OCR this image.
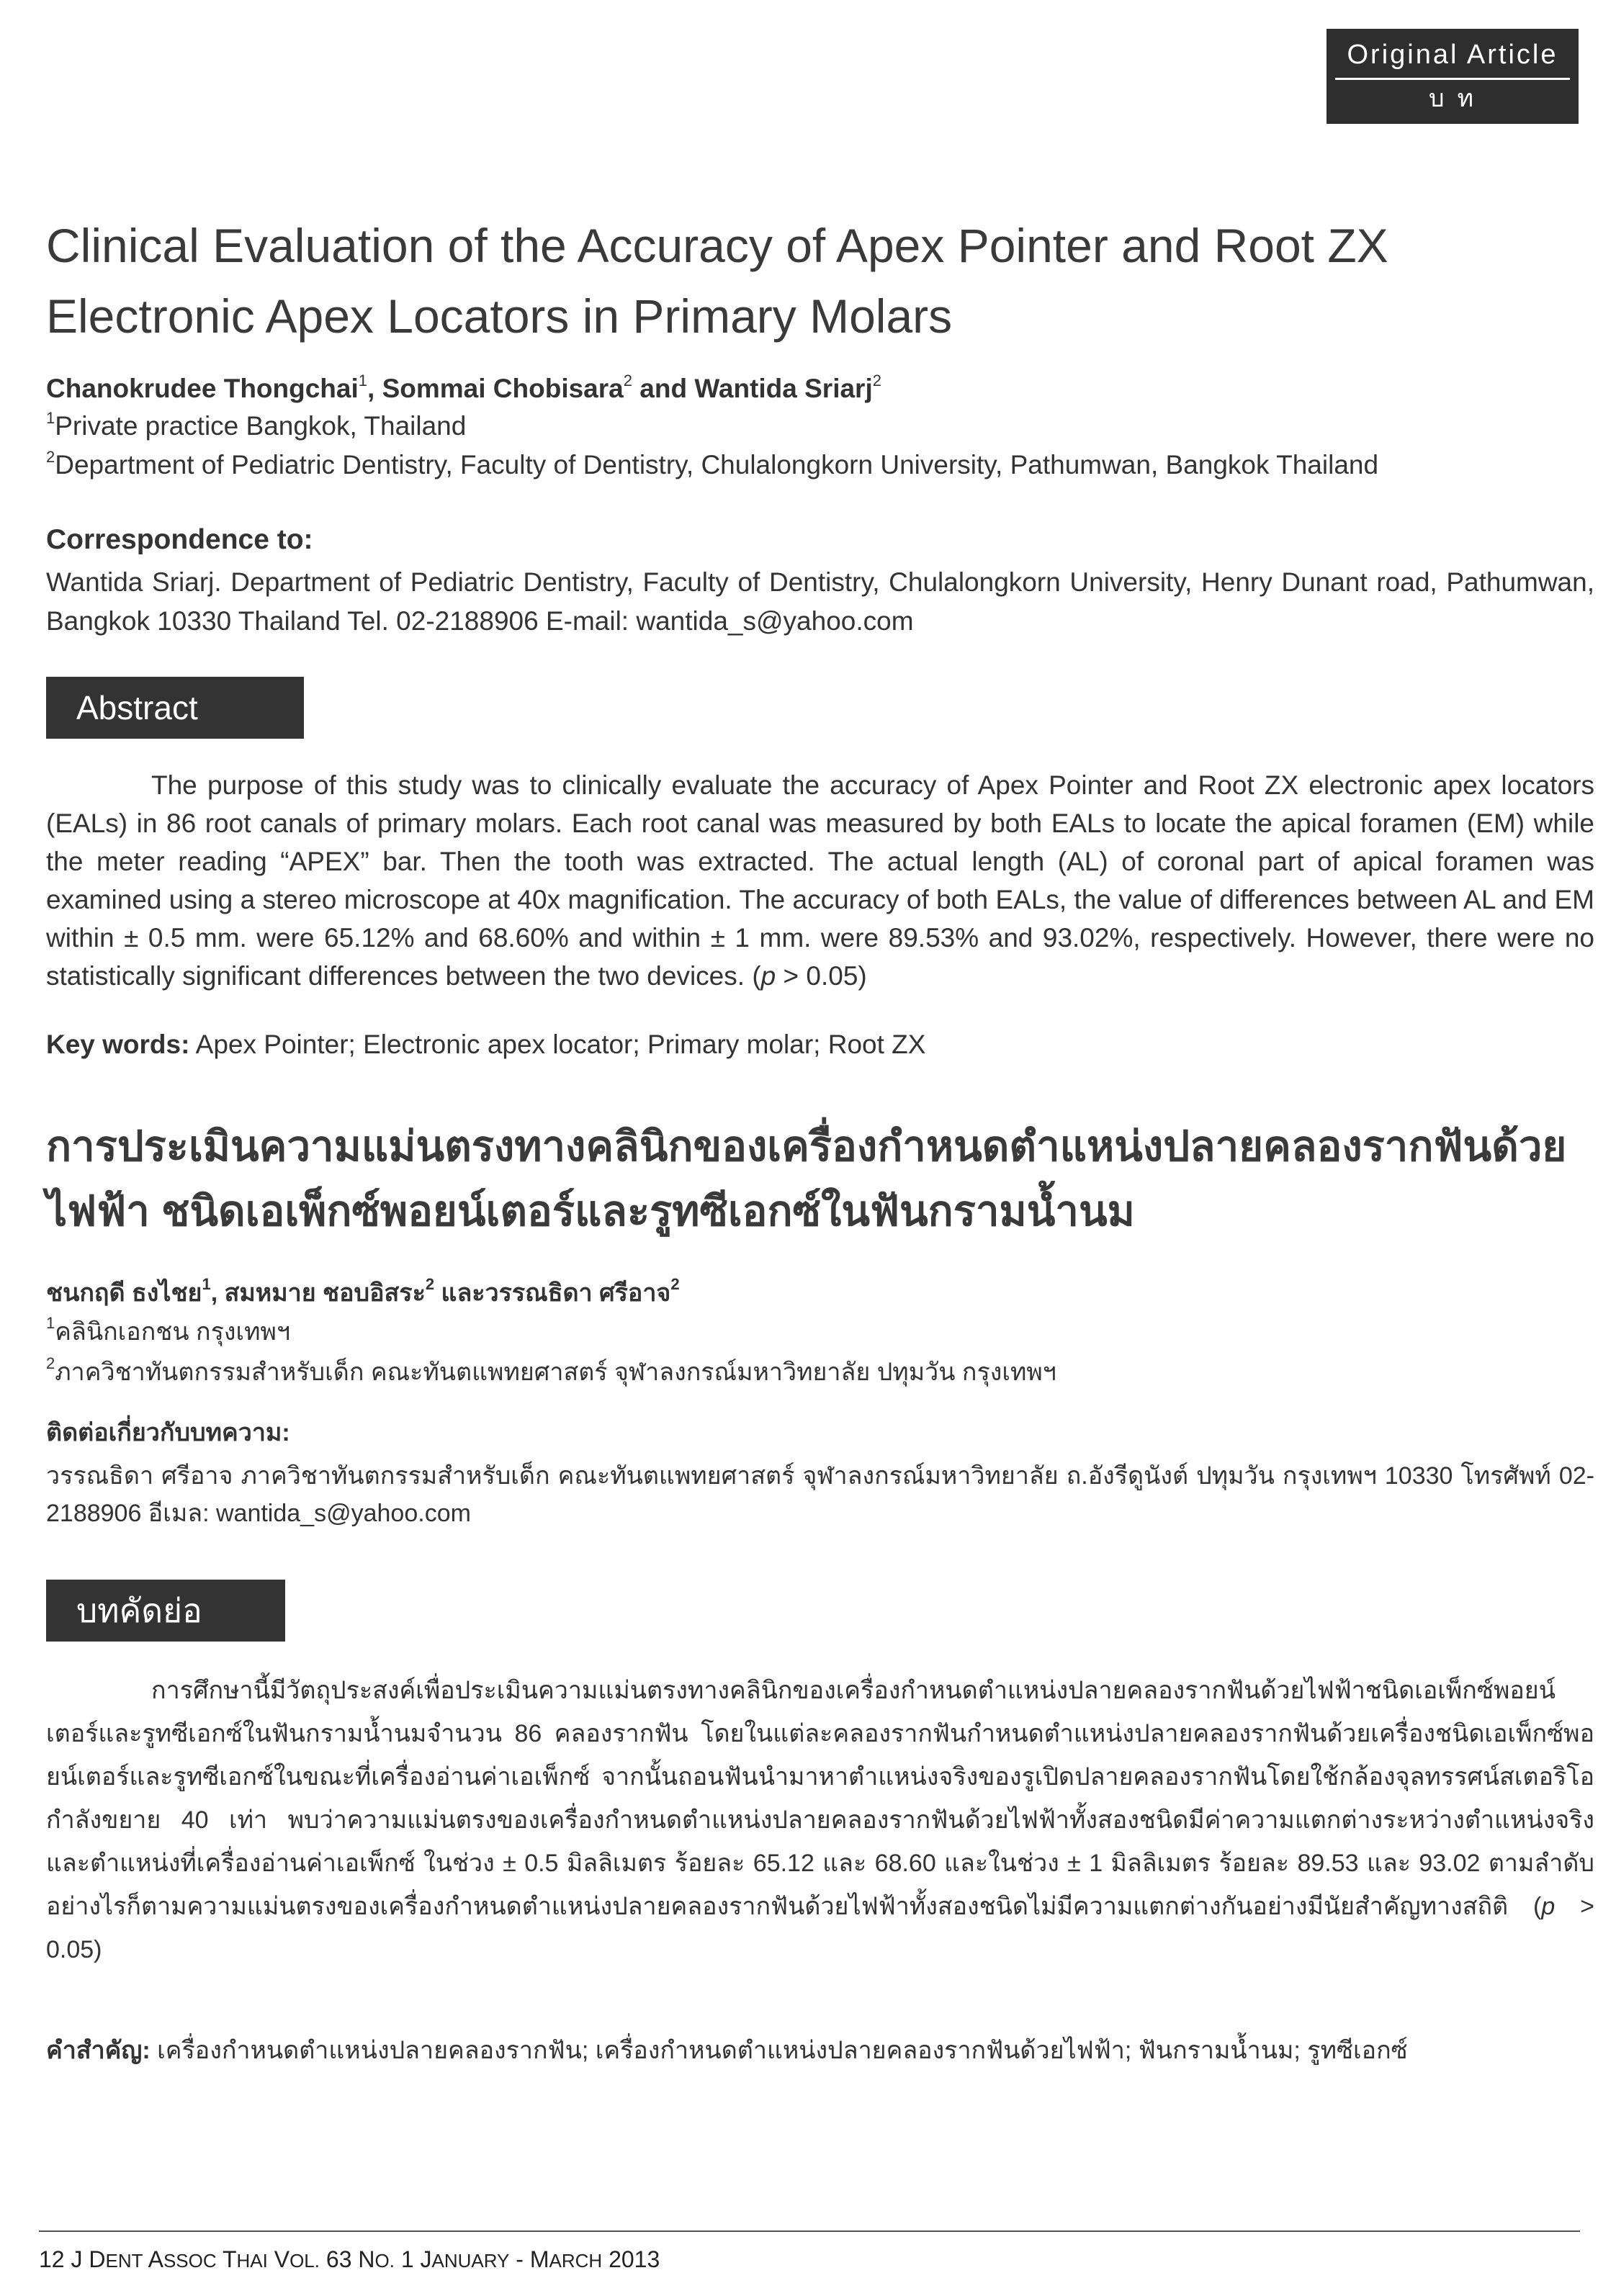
Original Article
บทวิทยาการ
Clinical Evaluation of the Accuracy of Apex Pointer and Root ZX
Electronic Apex Locators in Primary Molars
Chanokrudee Thongchai$^1$, Sommai Chobisara$^2$ and Wantida Sriarj$^2$
$^1$Private practice Bangkok, Thailand
$^2$Department of Pediatric Dentistry, Faculty of Dentistry, Chulalongkorn University, Pathumwan, Bangkok Thailand
Correspondence to:
Wantida Sriarj. Department of Pediatric Dentistry, Faculty of Dentistry, Chulalongkorn University, Henry Dunant road, Pathumwan, Bangkok 10330 Thailand Tel. 02-2188906 E-mail: wantida_s@yahoo.com
Abstract

The purpose of this study was to clinically evaluate the accuracy of Apex Pointer and Root ZX electronic apex locators (EALs) in 86 root canals of primary molars. Each root canal was measured by both EALs to locate the apical foramen (EM) while the meter reading “APEX” bar. Then the tooth was extracted. The actual length (AL) of coronal part of apical foramen was examined using a stereo microscope at 40x magnification. The accuracy of both EALs, the value of differences between AL and EM within ± 0.5 mm. were 65.12% and 68.60% and within ± 1 mm. were 89.53% and 93.02%, respectively. However, there were no statistically significant differences between the two devices. (p > 0.05)

Key words: Apex Pointer; Electronic apex locator; Primary molar; Root ZX
การประเมินความแม่นตรงทางคลินิกของเครื่องกำหนดตำแหน่งปลายคลองรากฟันด้วย
ไฟฟ้า ชนิดเอเพ็กซ์พอยน์เตอร์และรูทซีเอกซ์ในฟันกรามน้ำนม
ชนกฤดี ธงไชย$^1$, สมหมาย ชอบอิสระ$^2$ และวรรณธิดา ศรีอาจ$^2$
$^1$คลินิกเอกชน กรุงเทพฯ
$^2$ภาควิชาทันตกรรมสำหรับเด็ก คณะทันตแพทยศาสตร์ จุฬาลงกรณ์มหาวิทยาลัย ปทุมวัน กรุงเทพฯ
ติดต่อเกี่ยวกับบทความ:
วรรณธิดา ศรีอาจ ภาควิชาทันตกรรมสำหรับเด็ก คณะทันตแพทยศาสตร์ จุฬาลงกรณ์มหาวิทยาลัย ถ.อังรีดูนังต์ ปทุมวัน กรุงเทพฯ 10330 โทรศัพท์ 02-2188906 อีเมล: wantida_s@yahoo.com
บทคัดย่อ

การศึกษานี้มีวัตถุประสงค์เพื่อประเมินความแม่นตรงทางคลินิกของเครื่องกำหนดตำแหน่งปลายคลองรากฟันด้วยไฟฟ้าชนิดเอเพ็กซ์พอยน์เตอร์และรูทซีเอกซ์ในฟันกรามน้ำนมจำนวน 86 คลองรากฟัน โดยในแต่ละคลองรากฟันกำหนดตำแหน่งปลายคลองรากฟันด้วยเครื่องชนิดเอเพ็กซ์พอยน์เตอร์และรูทซีเอกซ์ในขณะที่เครื่องอ่านค่าเอเพ็กซ์ จากนั้นถอนฟันนำมาหาตำแหน่งจริงของรูเปิดปลายคลองรากฟันโดยใช้กล้องจุลทรรศน์สเตอริโอกำลังขยาย 40 เท่า พบว่าความแม่นตรงของเครื่องกำหนดตำแหน่งปลายคลองรากฟันด้วยไฟฟ้าทั้งสองชนิดมีค่าความแตกต่างระหว่างตำแหน่งจริงและตำแหน่งที่เครื่องอ่านค่าเอเพ็กซ์ ในช่วง ± 0.5 มิลลิเมตร ร้อยละ 65.12 และ 68.60 และในช่วง ± 1 มิลลิเมตร ร้อยละ 89.53 และ 93.02 ตามลำดับ อย่างไรก็ตามความแม่นตรงของเครื่องกำหนดตำแหน่งปลายคลองรากฟันด้วยไฟฟ้าทั้งสองชนิดไม่มีความแตกต่างกันอย่างมีนัยสำคัญทางสถิติ (p > 0.05)

คำสำคัญ: เครื่องกำหนดตำแหน่งปลายคลองรากฟัน; เครื่องกำหนดตำแหน่งปลายคลองรากฟันด้วยไฟฟ้า; ฟันกรามน้ำนม; รูทซีเอกซ์
12 J DENT ASSOC THAI VOL. 63 NO. 1 JANUARY - MARCH 2013
